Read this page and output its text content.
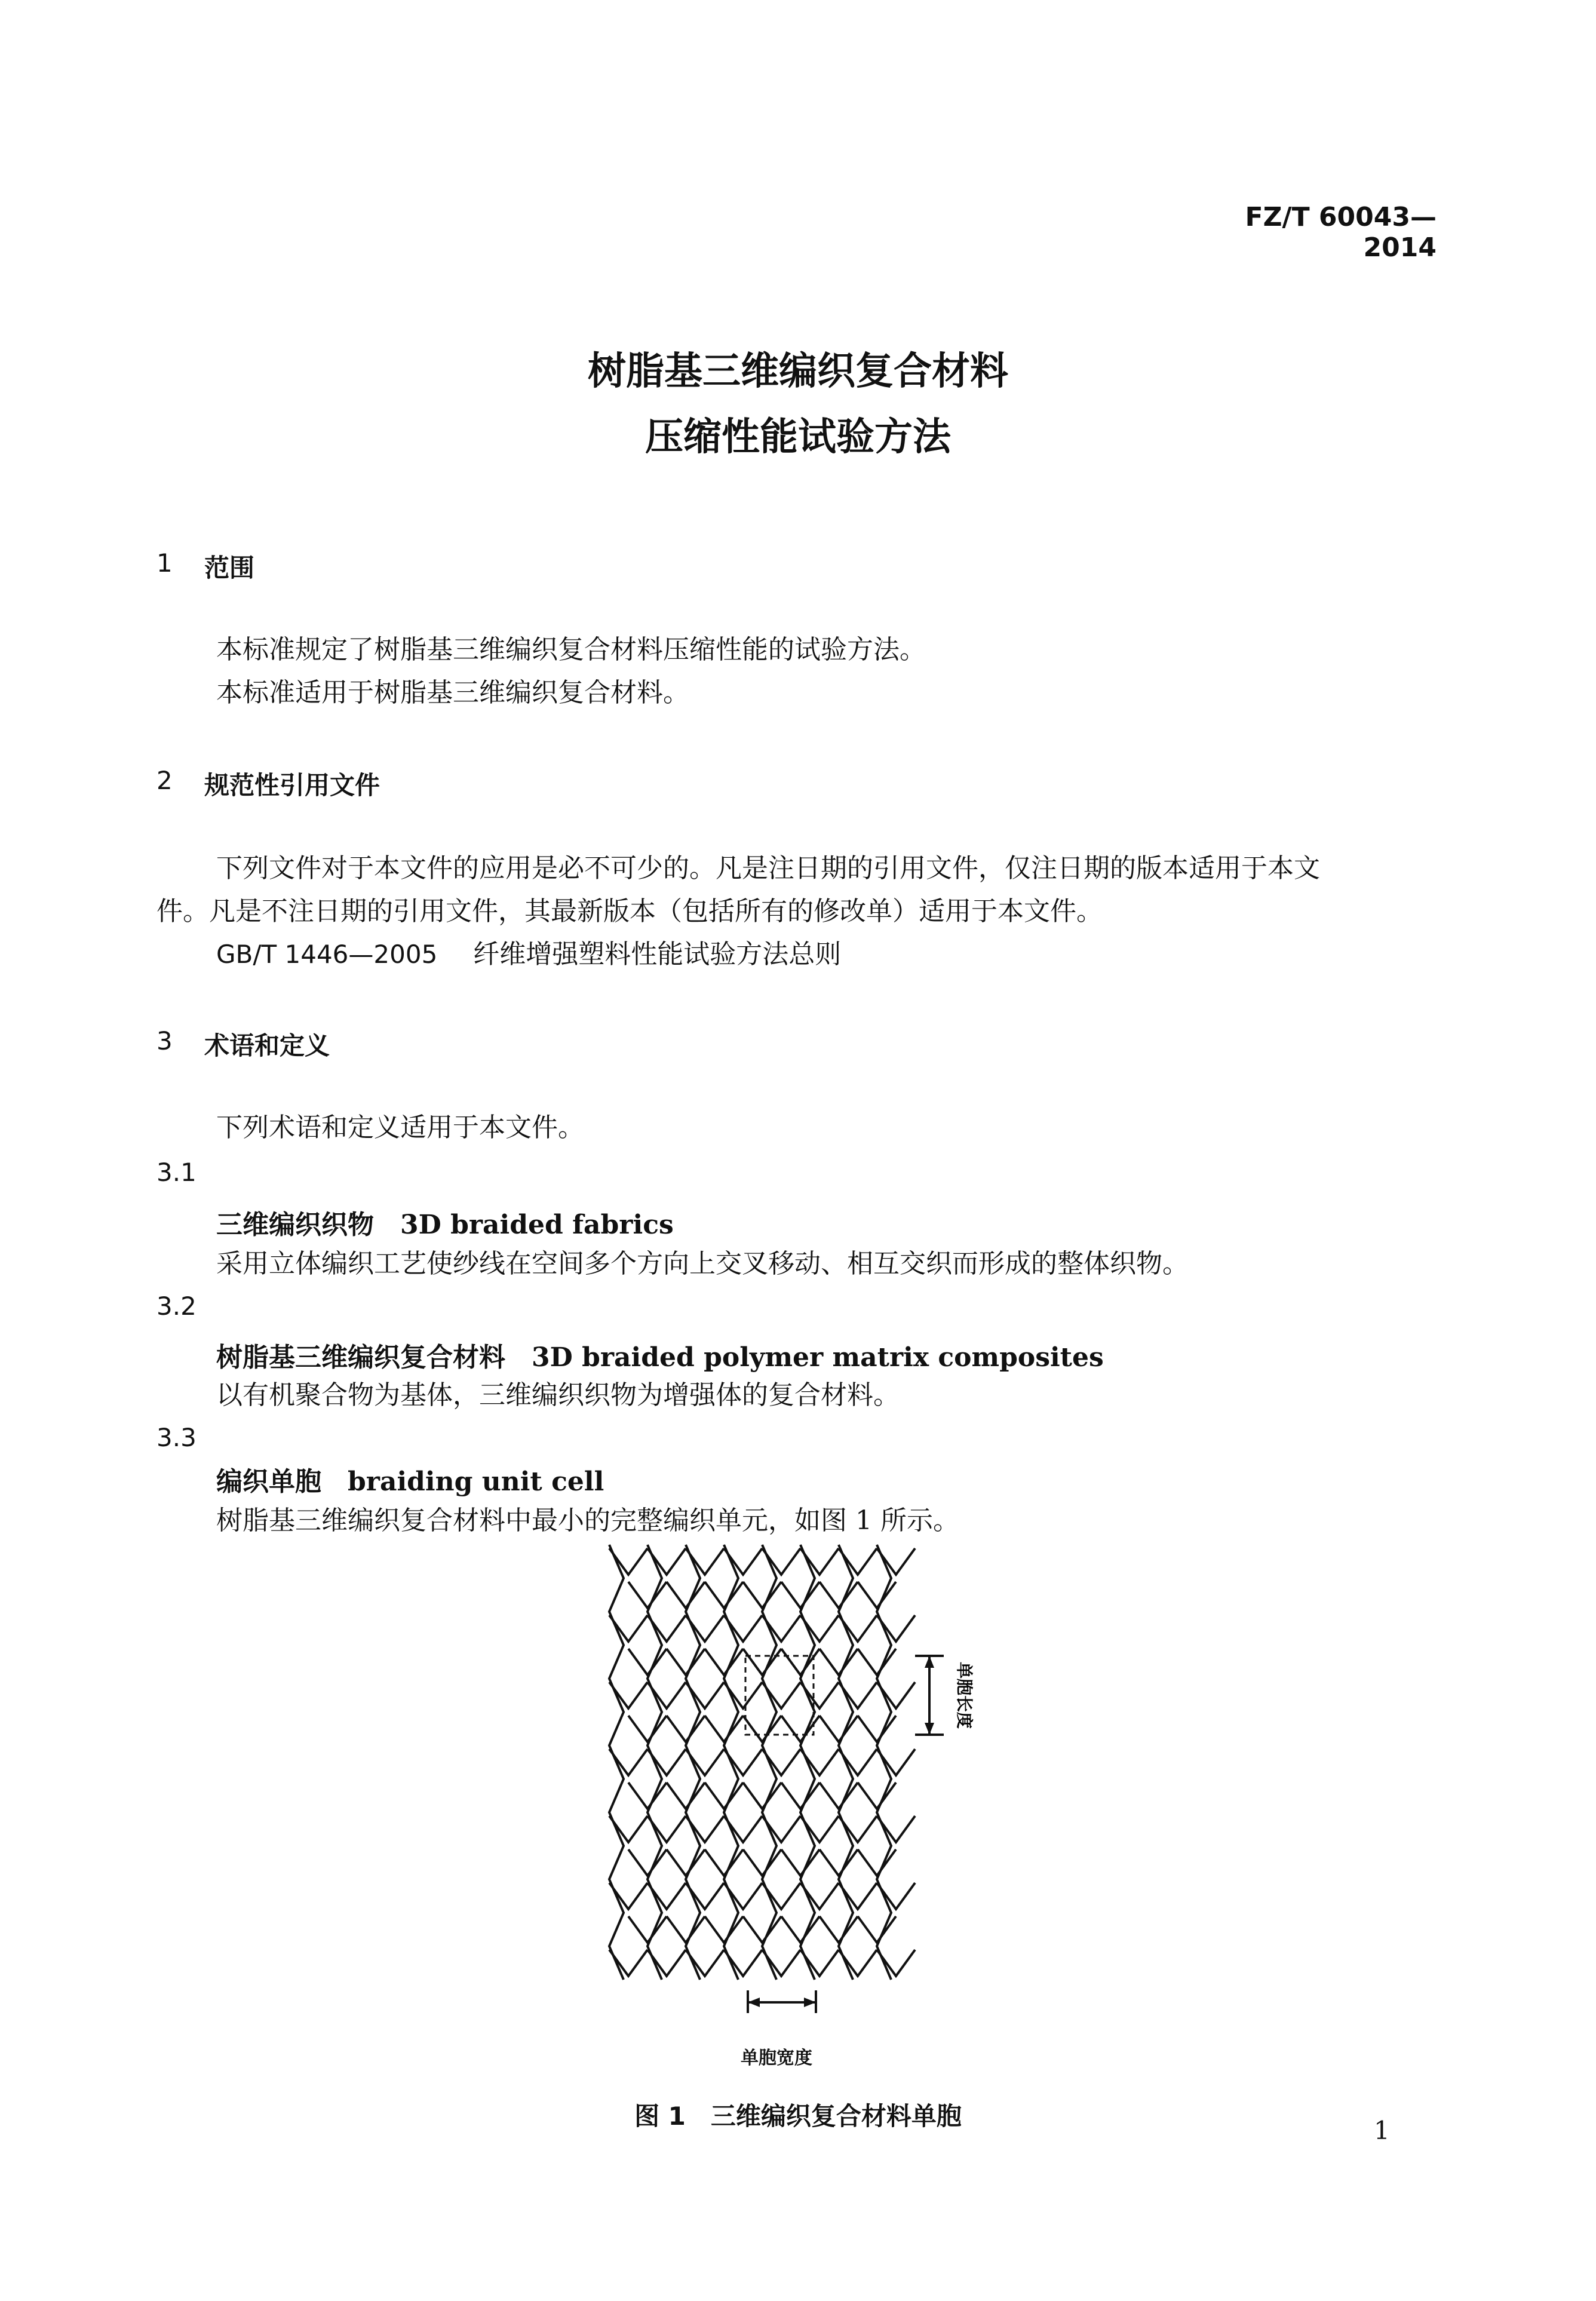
FZ/T 60043—2014
树脂基三维编织复合材料
压缩性能试验方法
1 范围
本标准规定了树脂基三维编织复合材料压缩性能的试验方法。
本标准适用于树脂基三维编织复合材料。
2 规范性引用文件
下列文件对于本文件的应用是必不可少的。凡是注日期的引用文件，仅注日期的版本适用于本文
件。凡是不注日期的引用文件，其最新版本（包括所有的修改单）适用于本文件。
GB/T 1446—2005 纤维增强塑料性能试验方法总则
3 术语和定义
下列术语和定义适用于本文件。
3.1
三维编织织物　3D braided fabrics
采用立体编织工艺使纱线在空间多个方向上交叉移动、相互交织而形成的整体织物。
3.2
树脂基三维编织复合材料　3D braided polymer matrix composites
以有机聚合物为基体，三维编织织物为增强体的复合材料。
3.3
编织单胞　braiding unit cell
树脂基三维编织复合材料中最小的完整编织单元，如图 1 所示。
单胞长度
单胞宽度
图 1　三维编织复合材料单胞	1
